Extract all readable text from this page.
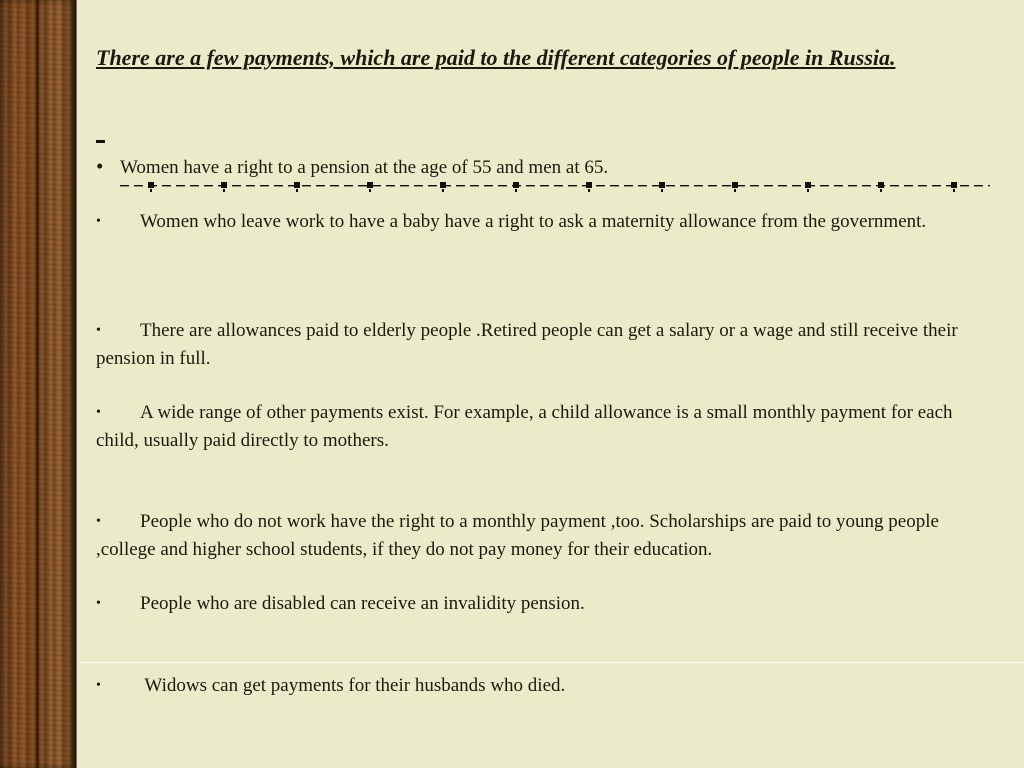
There are a few payments, which are paid to the different categories of people in Russia.
• Women have a right to a pension at the age of 55 and men at 65.
• Women who leave work to have a baby have a right to ask a maternity allowance from the government.
• There are allowances paid to elderly people .Retired people can get a salary or a wage and still receive their pension in full.
• A wide range of other payments exist. For example, a child allowance is a small monthly payment for each child, usually paid directly to mothers.
• People who do not work have the right to a monthly payment ,too. Scholarships are paid to young people ,college and higher school students, if they do not pay money for their education.
• People who are disabled can receive an invalidity pension.
• Widows can get payments for their husbands who died.
